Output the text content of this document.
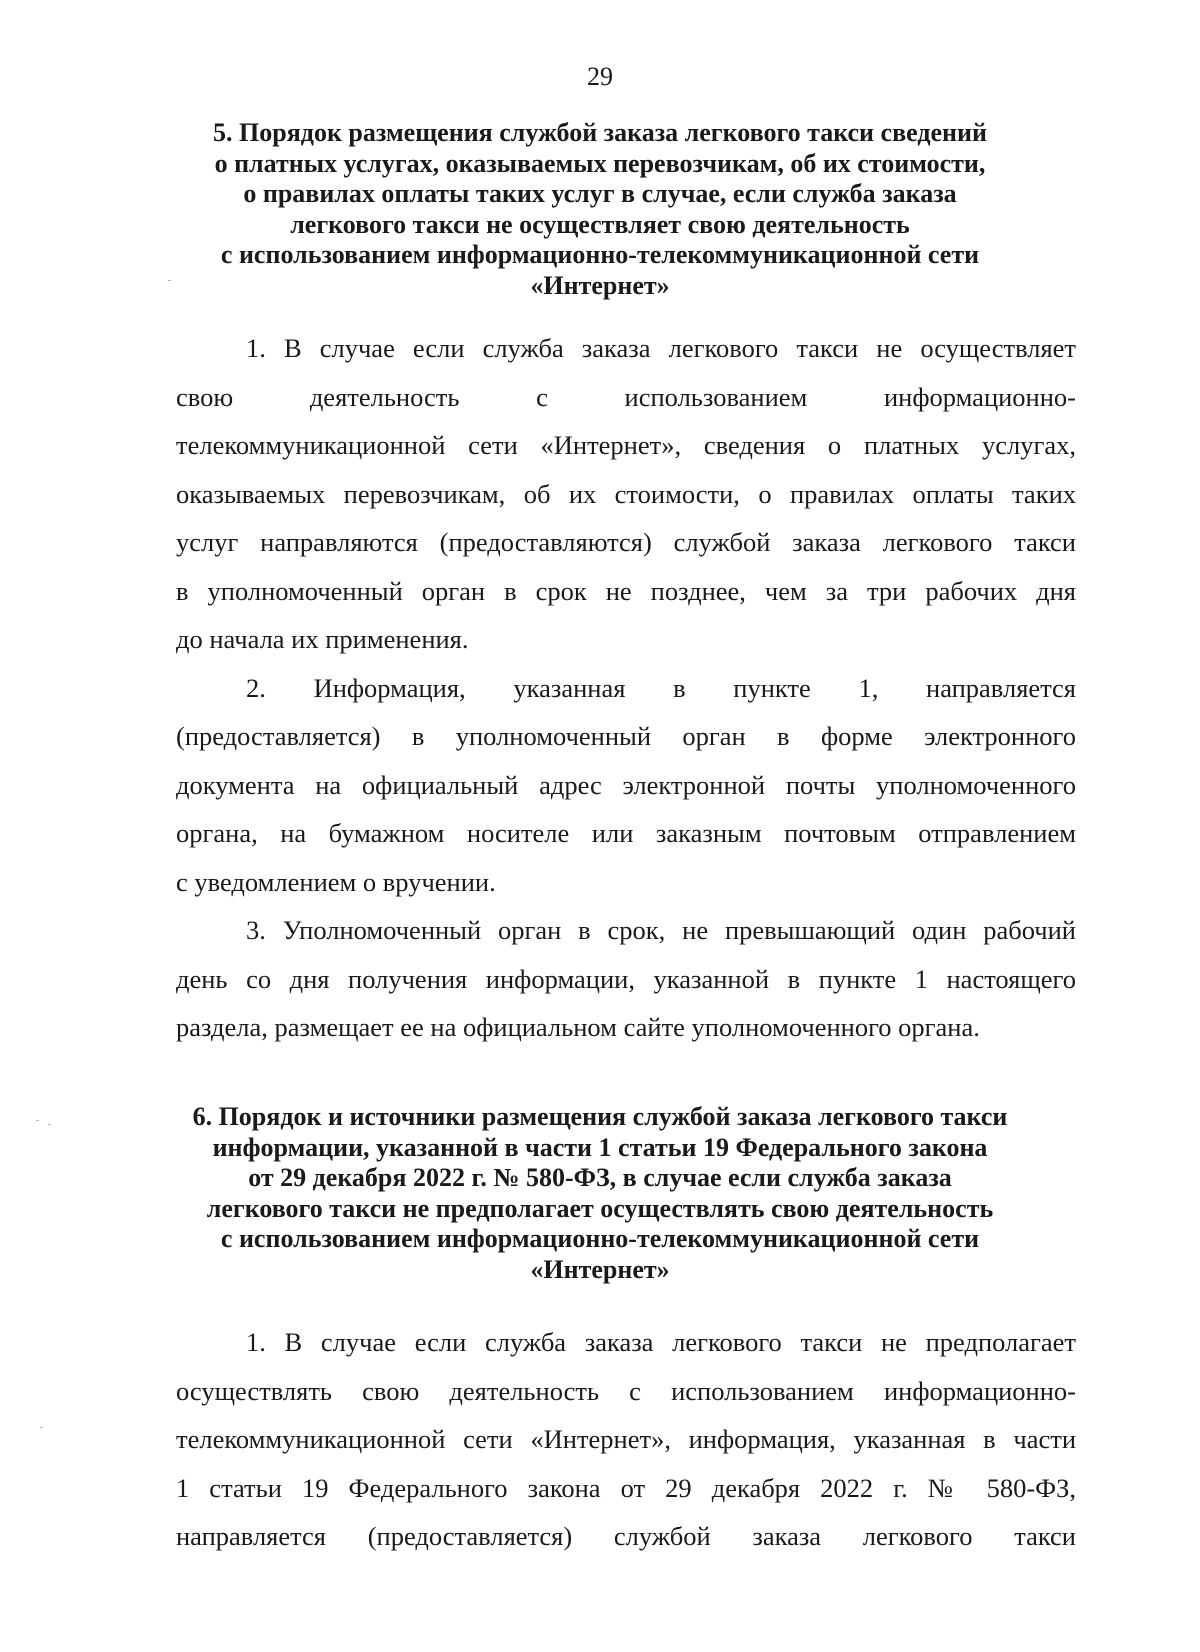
29
5. Порядок размещения службой заказа легкового такси сведений
о платных услугах, оказываемых перевозчикам, об их стоимости,
о правилах оплаты таких услуг в случае, если служба заказа
легкового такси не осуществляет свою деятельность
с использованием информационно-телекоммуникационной сети
«Интернет»

1. В случае если служба заказа легкового такси не осуществляет
свою деятельность с использованием информационно-
телекоммуникационной сети «Интернет», сведения о платных услугах,
оказываемых перевозчикам, об их стоимости, о правилах оплаты таких
услуг направляются (предоставляются) службой заказа легкового такси
в уполномоченный орган в срок не позднее, чем за три рабочих дня
до начала их применения.

2. Информация, указанная в пункте 1, направляется
(предоставляется) в уполномоченный орган в форме электронного
документа на официальный адрес электронной почты уполномоченного
органа, на бумажном носителе или заказным почтовым отправлением
с уведомлением о вручении.

3. Уполномоченный орган в срок, не превышающий один рабочий
день со дня получения информации, указанной в пункте 1 настоящего
раздела, размещает ее на официальном сайте уполномоченного органа.

6. Порядок и источники размещения службой заказа легкового такси
информации, указанной в части 1 статьи 19 Федерального закона
от 29 декабря 2022 г. № 580-ФЗ, в случае если служба заказа
легкового такси не предполагает осуществлять свою деятельность
с использованием информационно-телекоммуникационной сети
«Интернет»

1. В случае если служба заказа легкового такси не предполагает
осуществлять свою деятельность с использованием информационно-
телекоммуникационной сети «Интернет», информация, указанная в части
1 статьи 19 Федерального закона от 29 декабря 2022 г. № 580-ФЗ,
направляется (предоставляется) службой заказа легкового такси
